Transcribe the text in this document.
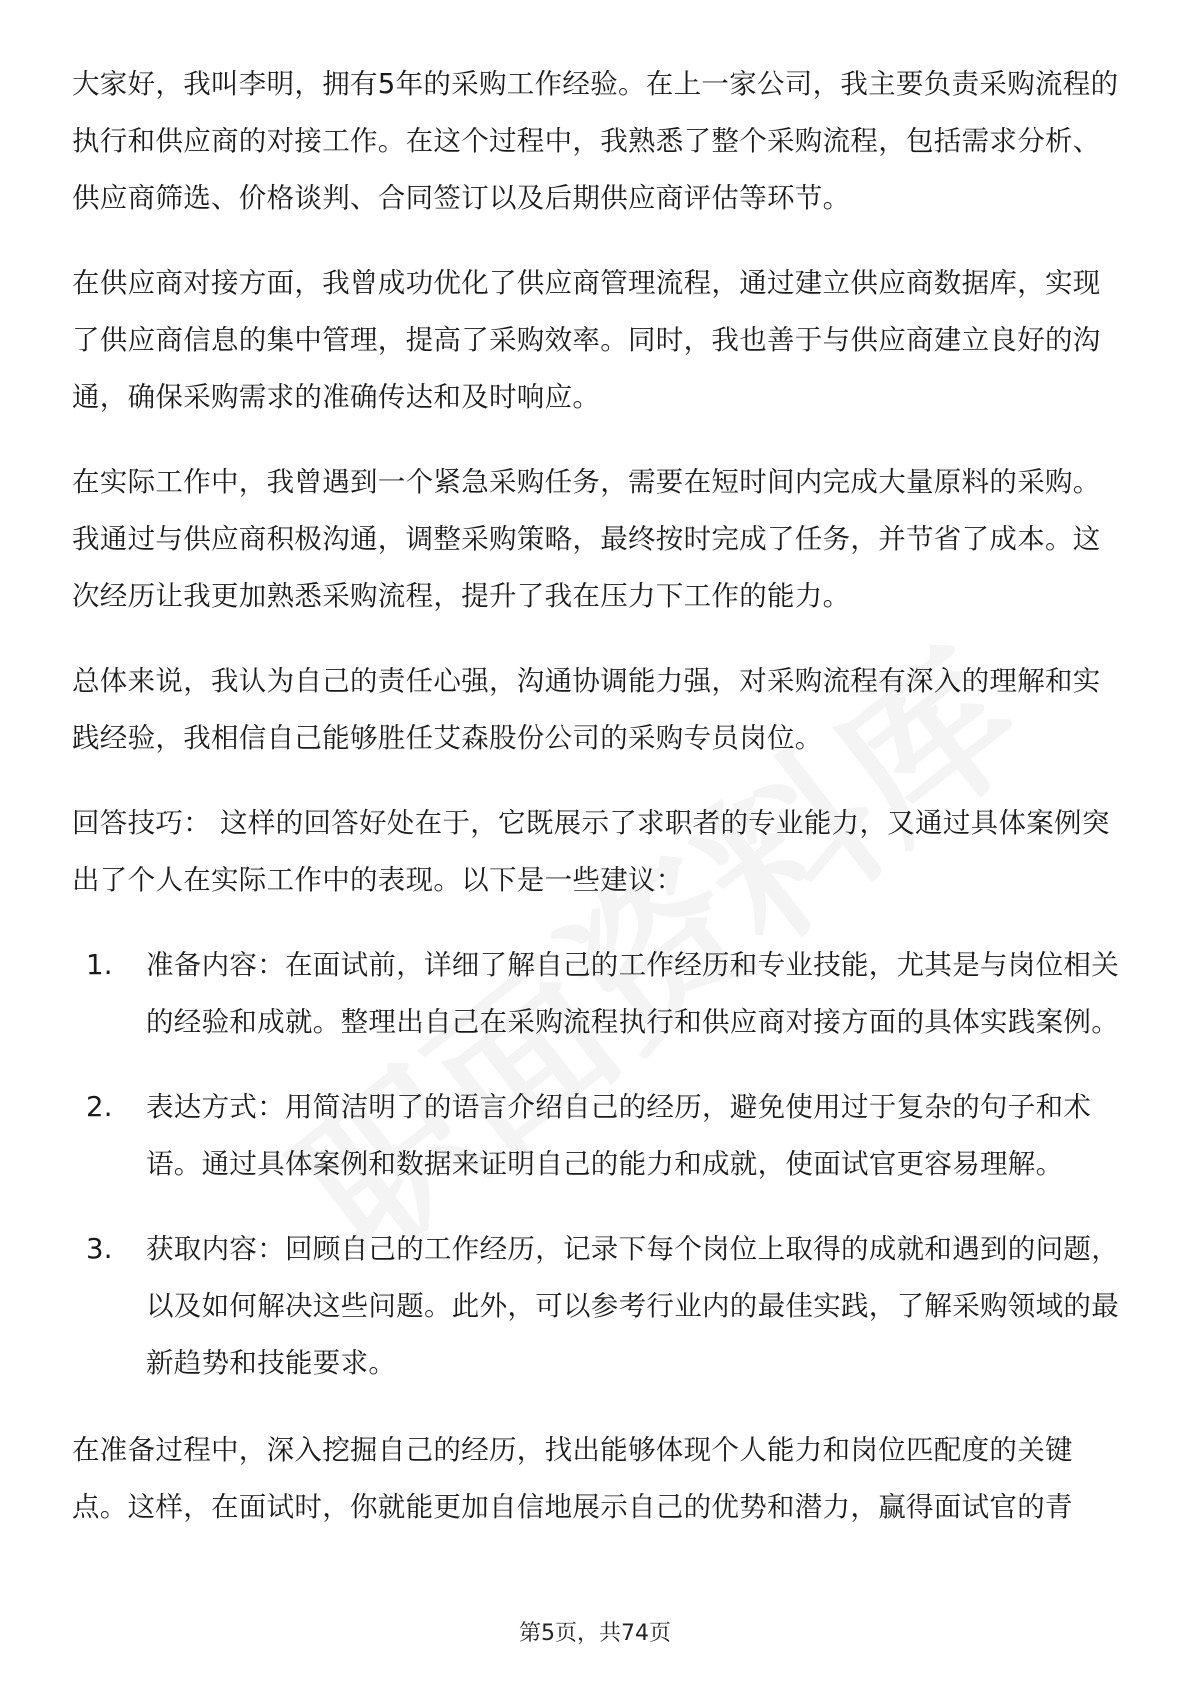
大家好，我叫李明，拥有5年的采购工作经验。在上一家公司，我主要负责采购流程的执行和供应商的对接工作。在这个过程中，我熟悉了整个采购流程，包括需求分析、供应商筛选、价格谈判、合同签订以及后期供应商评估等环节。

在供应商对接方面，我曾成功优化了供应商管理流程，通过建立供应商数据库，实现了供应商信息的集中管理，提高了采购效率。同时，我也善于与供应商建立良好的沟通，确保采购需求的准确传达和及时响应。

在实际工作中，我曾遇到一个紧急采购任务，需要在短时间内完成大量原料的采购。我通过与供应商积极沟通，调整采购策略，最终按时完成了任务，并节省了成本。这次经历让我更加熟悉采购流程，提升了我在压力下工作的能力。

总体来说，我认为自己的责任心强，沟通协调能力强，对采购流程有深入的理解和实践经验，我相信自己能够胜任艾森股份公司的采购专员岗位。

回答技巧： 这样的回答好处在于，它既展示了求职者的专业能力，又通过具体案例突出了个人在实际工作中的表现。以下是一些建议：

1.	准备内容：在面试前，详细了解自己的工作经历和专业技能，尤其是与岗位相关的经验和成就。整理出自己在采购流程执行和供应商对接方面的具体实践案例。
2.	表达方式：用简洁明了的语言介绍自己的经历，避免使用过于复杂的句子和术语。通过具体案例和数据来证明自己的能力和成就，使面试官更容易理解。
3.	获取内容：回顾自己的工作经历，记录下每个岗位上取得的成就和遇到的问题，以及如何解决这些问题。此外，可以参考行业内的最佳实践，了解采购领域的最新趋势和技能要求。

在准备过程中，深入挖掘自己的经历，找出能够体现个人能力和岗位匹配度的关键点。这样，在面试时，你就能更加自信地展示自己的优势和潜力，赢得面试官的青

第5页，共74页
